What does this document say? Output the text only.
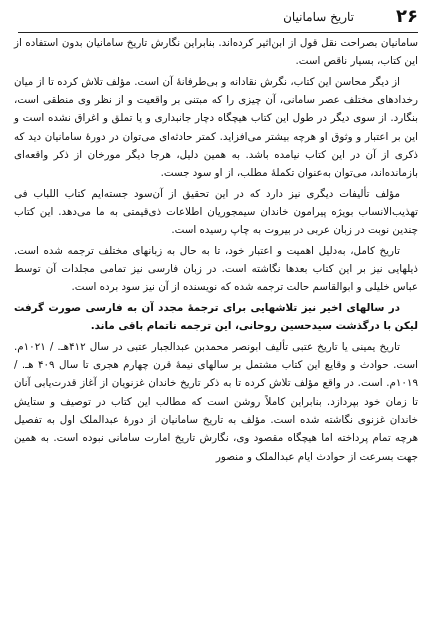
۲۶
تاریخ سامانیان

سامانیان بصراحت نقل قول از ابن‌اثیر کرده‌اند. بنابراین نگارش تاریخ سامانیان بدون استفاده از این کتاب، بسیار ناقص است.

از دیگر محاسن این کتاب، نگرش نقادانه و بی‌طرفانهٔ آن است. مؤلف تلاش کرده تا از میان رخدادهای مختلف عصر سامانی، آن چیزی را که مبتنی بر واقعیت و از نظر وی منطقی است، بنگارد. از سوی دیگر در طول این کتاب هیچگاه دچار جانبداری و یا تملق و اغراق نشده است و این بر اعتبار و وثوق او هرچه بیشتر می‌افزاید. کمتر حادثه‌ای می‌توان در دورهٔ سامانیان دید که ذکری از آن در این کتاب نیامده باشد. به همین دلیل، هرجا دیگر مورخان از ذکر واقعه‌ای بازمانده‌اند، می‌توان به‌عنوان تکملهٔ مطلب، از او سود جست.

مؤلف تألیفات دیگری نیز دارد که در این تحقیق از آن‌سود جسته‌ایم کتاب اللباب فی تهذیب‌الانساب بویژه پیرامون خاندان سیمجوریان اطلاعات ذی‌قیمتی به ما می‌دهد. این کتاب چندین نوبت در زبان عربی در بیروت به چاپ رسیده است.

تاریخ کامل، به‌دلیل اهمیت و اعتبار خود، تا به حال به زبانهای مختلف ترجمه شده است. ذیلهایی نیز بر این کتاب بعدها نگاشته است. در زبان فارسی نیز تمامی مجلدات آن توسط عباس خلیلی و ابوالقاسم حالت ترجمه شده که نویسنده از آن نیز سود برده است.

در سالهای اخیر نیز تلاشهایی برای ترجمهٔ مجدد آن به فارسی صورت گرفت لیکن با درگذشت سیدحسین روحانی، این ترجمه ناتمام باقی ماند.

تاریخ یمینی یا تاریخ عتبی تألیف ابونصر محمدبن عبدالجبار عتبی در سال ۴۱۲هـ. / ۱۰۲۱م. است. حوادث و وقایع این کتاب مشتمل بر سالهای نیمهٔ قرن چهارم هجری تا سال ۴۰۹ هـ. / ۱۰۱۹م. است. در واقع مؤلف تلاش کرده تا به ذکر تاریخ خاندان غزنویان از آغاز قدرت‌یابی آنان تا زمان خود بپردازد. بنابراین کاملاً روشن است که مطالب این کتاب در توصیف و ستایش خاندان غزنوی نگاشته شده است. مؤلف به تاریخ سامانیان از دورهٔ عبدالملک اول به تفصیل هرچه تمام پرداخته اما هیچگاه مقصود وی، نگارش تاریخ امارت سامانی نبوده است. به همین جهت بسرعت از حوادث ایام عبدالملک و منصور
